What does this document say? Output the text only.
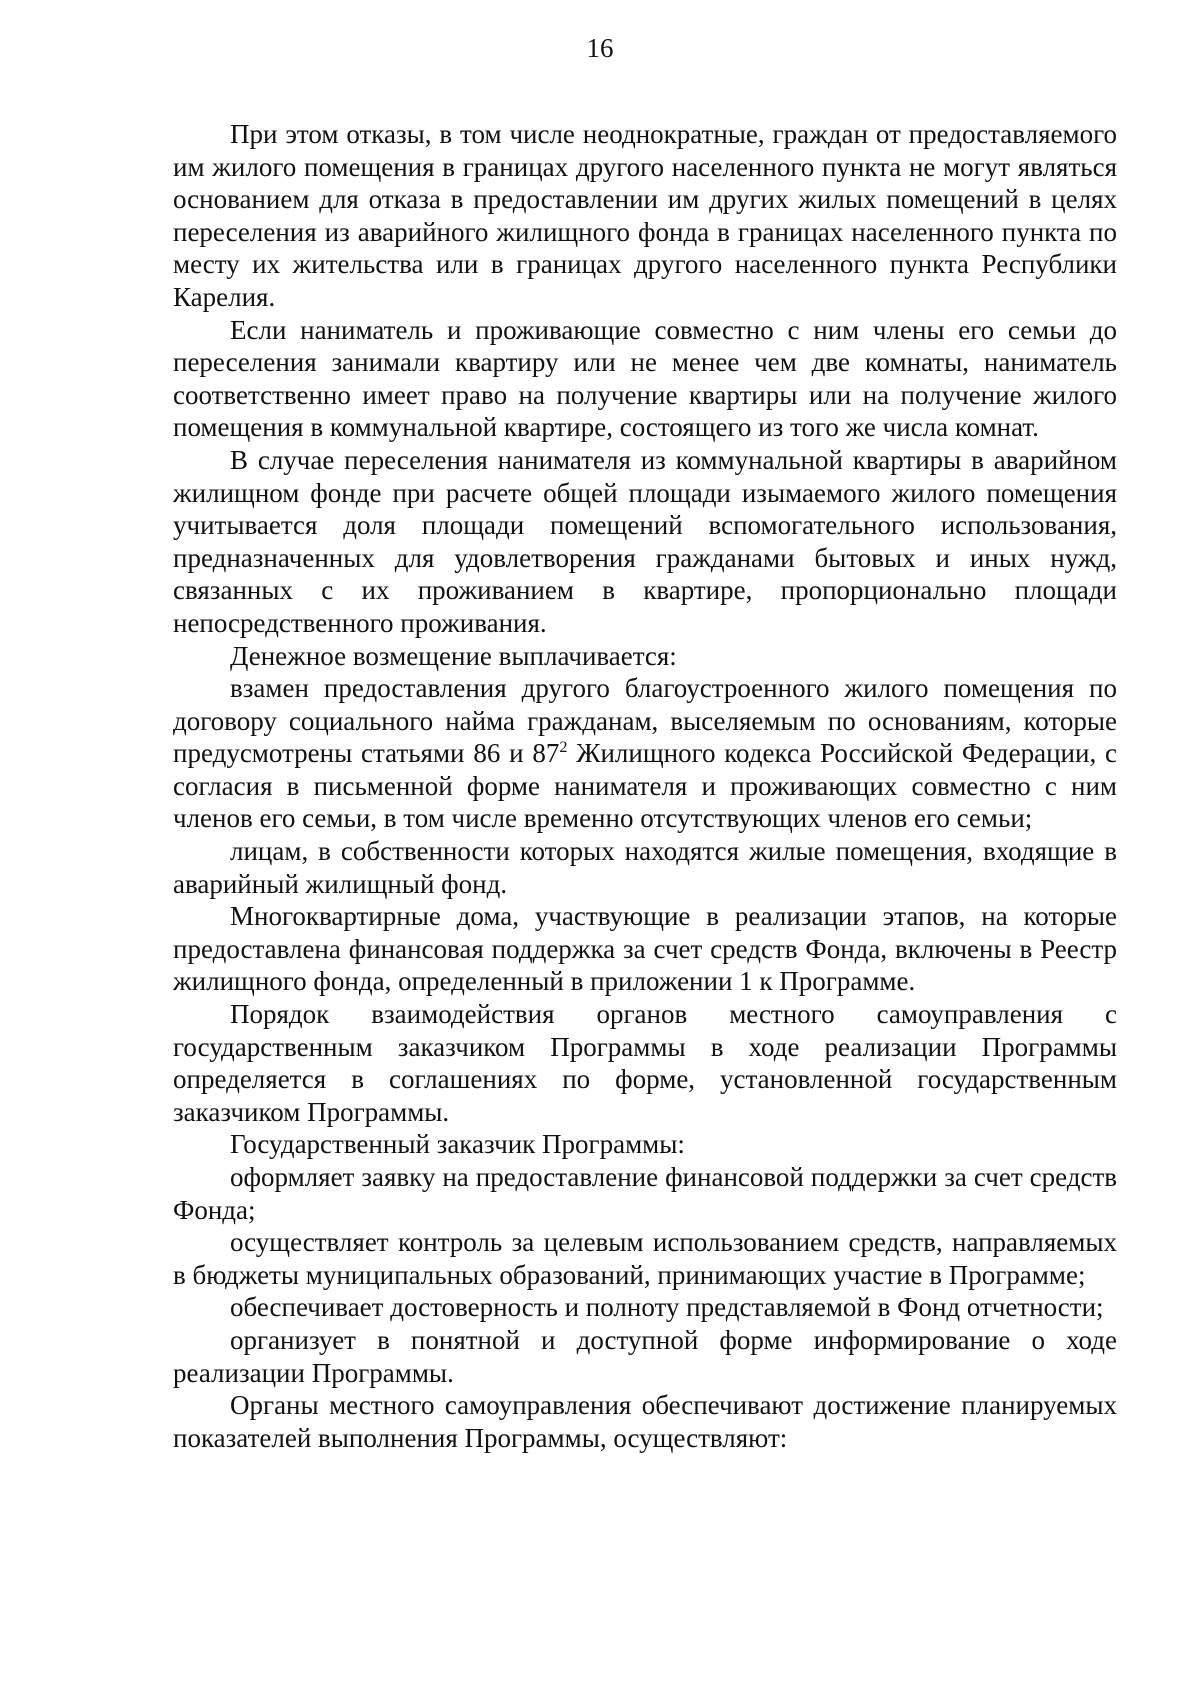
16

При этом отказы, в том числе неоднократные, граждан от предоставляемого им жилого помещения в границах другого населенного пункта не могут являться основанием для отказа в предоставлении им других жилых помещений в целях переселения из аварийного жилищного фонда в границах населенного пункта по месту их жительства или в границах другого населенного пункта Республики Карелия.

Если наниматель и проживающие совместно с ним члены его семьи до переселения занимали квартиру или не менее чем две комнаты, наниматель соответственно имеет право на получение квартиры или на получение жилого помещения в коммунальной квартире, состоящего из того же числа комнат.

В случае переселения нанимателя из коммунальной квартиры в аварийном жилищном фонде при расчете общей площади изымаемого жилого помещения учитывается доля площади помещений вспомогательного использования, предназначенных для удовлетворения гражданами бытовых и иных нужд, связанных с их проживанием в квартире, пропорционально площади непосредственного проживания.

Денежное возмещение выплачивается:

взамен предоставления другого благоустроенного жилого помещения по договору социального найма гражданам, выселяемым по основаниям, которые предусмотрены статьями 86 и $87^2$ Жилищного кодекса Российской Федерации, с согласия в письменной форме нанимателя и проживающих совместно с ним членов его семьи, в том числе временно отсутствующих членов его семьи;

лицам, в собственности которых находятся жилые помещения, входящие в аварийный жилищный фонд.

Многоквартирные дома, участвующие в реализации этапов, на которые предоставлена финансовая поддержка за счет средств Фонда, включены в Реестр жилищного фонда, определенный в приложении 1 к Программе.

Порядок взаимодействия органов местного самоуправления с государственным заказчиком Программы в ходе реализации Программы определяется в соглашениях по форме, установленной государственным заказчиком Программы.

Государственный заказчик Программы:

оформляет заявку на предоставление финансовой поддержки за счет средств Фонда;

осуществляет контроль за целевым использованием средств, направляемых в бюджеты муниципальных образований, принимающих участие в Программе;

обеспечивает достоверность и полноту представляемой в Фонд отчетности;

организует в понятной и доступной форме информирование о ходе реализации Программы.

Органы местного самоуправления обеспечивают достижение планируемых показателей выполнения Программы, осуществляют:
